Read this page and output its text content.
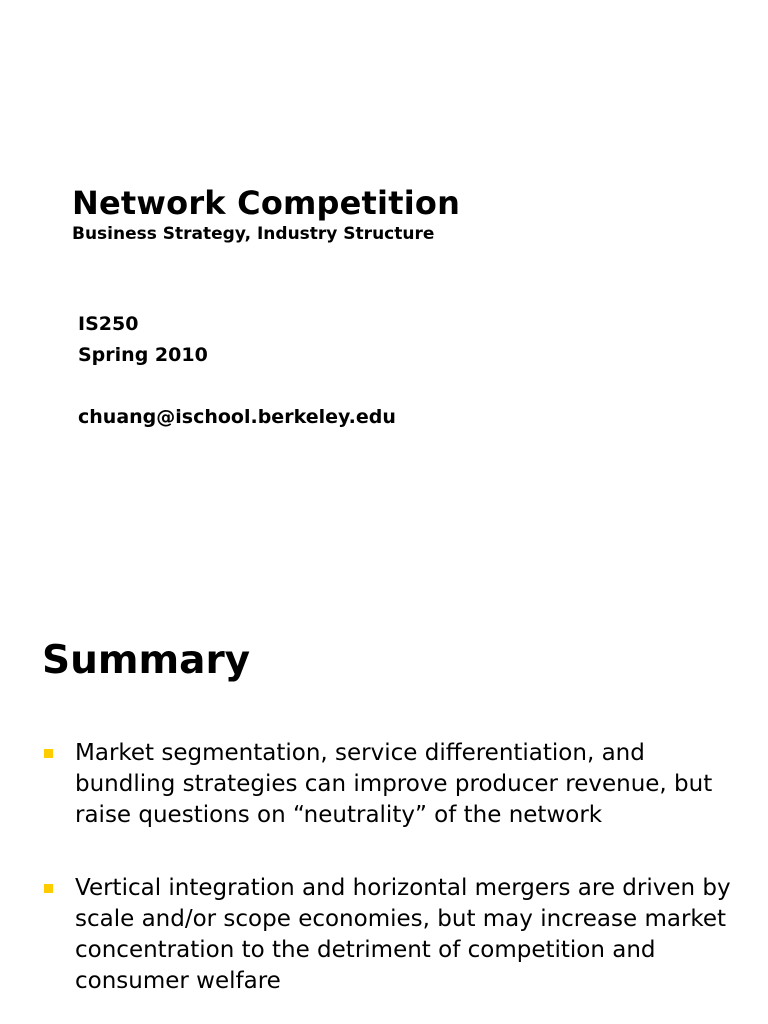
Network Competition
Business Strategy, Industry Structure
IS250
Spring 2010
chuang@ischool.berkeley.edu
Summary
Market segmentation, service differentiation, and
bundling strategies can improve producer revenue, but
raise questions on “neutrality” of the network
Vertical integration and horizontal mergers are driven by
scale and/or scope economies, but may increase market
concentration to the detriment of competition and
consumer welfare
